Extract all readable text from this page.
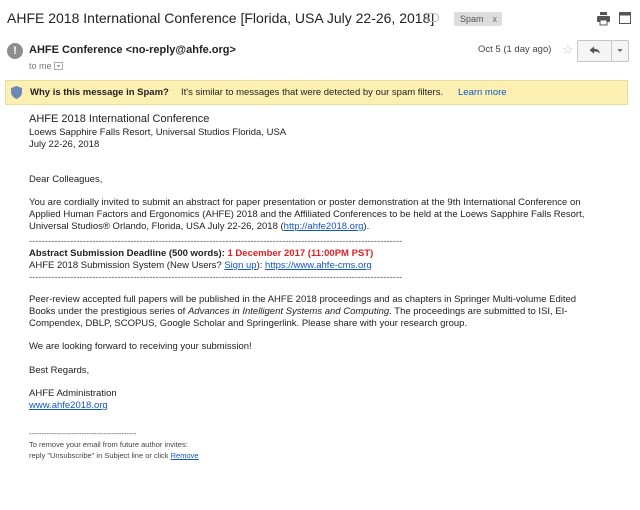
AHFE 2018 International Conference [Florida, USA July 22-26, 2018]	Spam x
!	AHFE Conference <no-reply@ahfe.org>
to me
Oct 5 (1 day ago) ☆
Why is this message in Spam? It's similar to messages that were detected by our spam filters. Learn more
AHFE 2018 International Conference
Loews Sapphire Falls Resort, Universal Studios Florida, USA
July 22-26, 2018
Dear Colleagues,
You are cordially invited to submit an abstract for paper presentation or poster demonstration at the 9th International Conference on
Applied Human Factors and Ergonomics (AHFE) 2018 and the Affiliated Conferences to be held at the Loews Sapphire Falls Resort,
Universal Studios® Orlando, Florida, USA July 22-26, 2018 (http://ahfe2018.org).
----------------------------------------------------------------------------------------------------------------------
Abstract Submission Deadline (500 words): 1 December 2017 (11:00PM PST)
AHFE 2018 Submission System (New Users? Sign up): https://www.ahfe-cms.org
----------------------------------------------------------------------------------------------------------------------
Peer-review accepted full papers will be published in the AHFE 2018 proceedings and as chapters in Springer Multi-volume Edited
Books under the prestigious series of Advances in Intelligent Systems and Computing. The proceedings are submitted to ISI, EI-
Compendex, DBLP, SCOPUS, Google Scholar and Springerlink. Please share with your research group.
We are looking forward to receiving your submission!
Best Regards,
AHFE Administration
www.ahfe2018.org
-------------------------------------------
To remove your email from future author invites:
reply "Unsubscribe" in Subject line or click Remove
